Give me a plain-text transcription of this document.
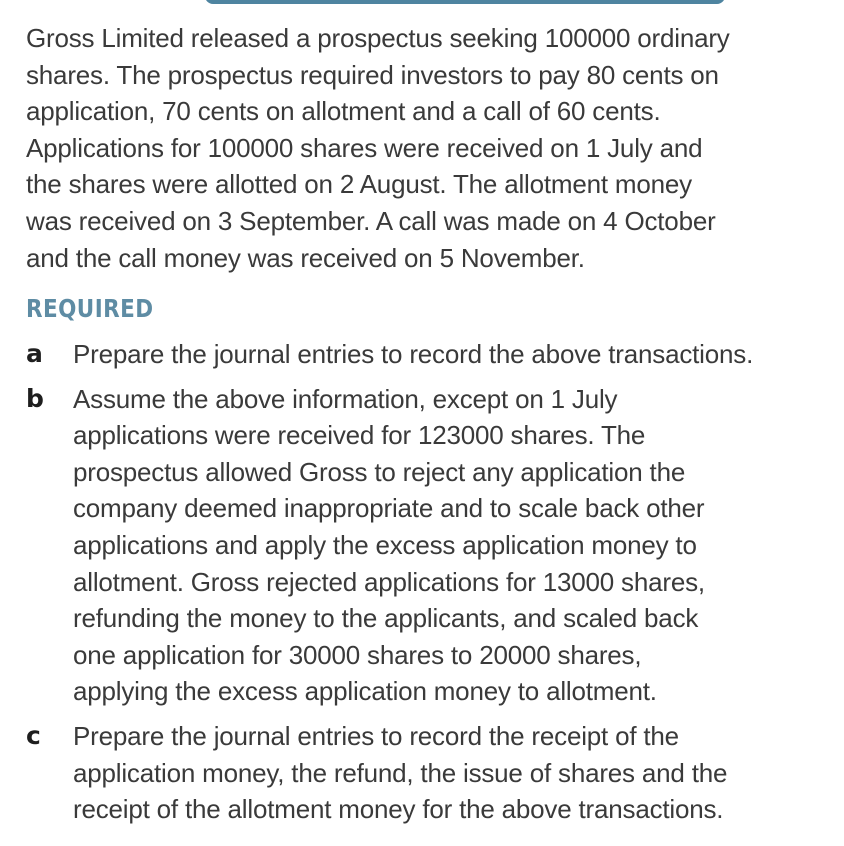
Gross Limited released a prospectus seeking 100000 ordinary
shares. The prospectus required investors to pay 80 cents on
application, 70 cents on allotment and a call of 60 cents.
Applications for 100000 shares were received on 1 July and
the shares were allotted on 2 August. The allotment money
was received on 3 September. A call was made on 4 October
and the call money was received on 5 November.

REQUIRED
a	Prepare the journal entries to record the above transactions.
b	Assume the above information, except on 1 July
applications were received for 123000 shares. The
prospectus allowed Gross to reject any application the
company deemed inappropriate and to scale back other
applications and apply the excess application money to
allotment. Gross rejected applications for 13000 shares,
refunding the money to the applicants, and scaled back
one application for 30000 shares to 20000 shares,
applying the excess application money to allotment.
c	Prepare the journal entries to record the receipt of the
application money, the refund, the issue of shares and the
receipt of the allotment money for the above transactions.
